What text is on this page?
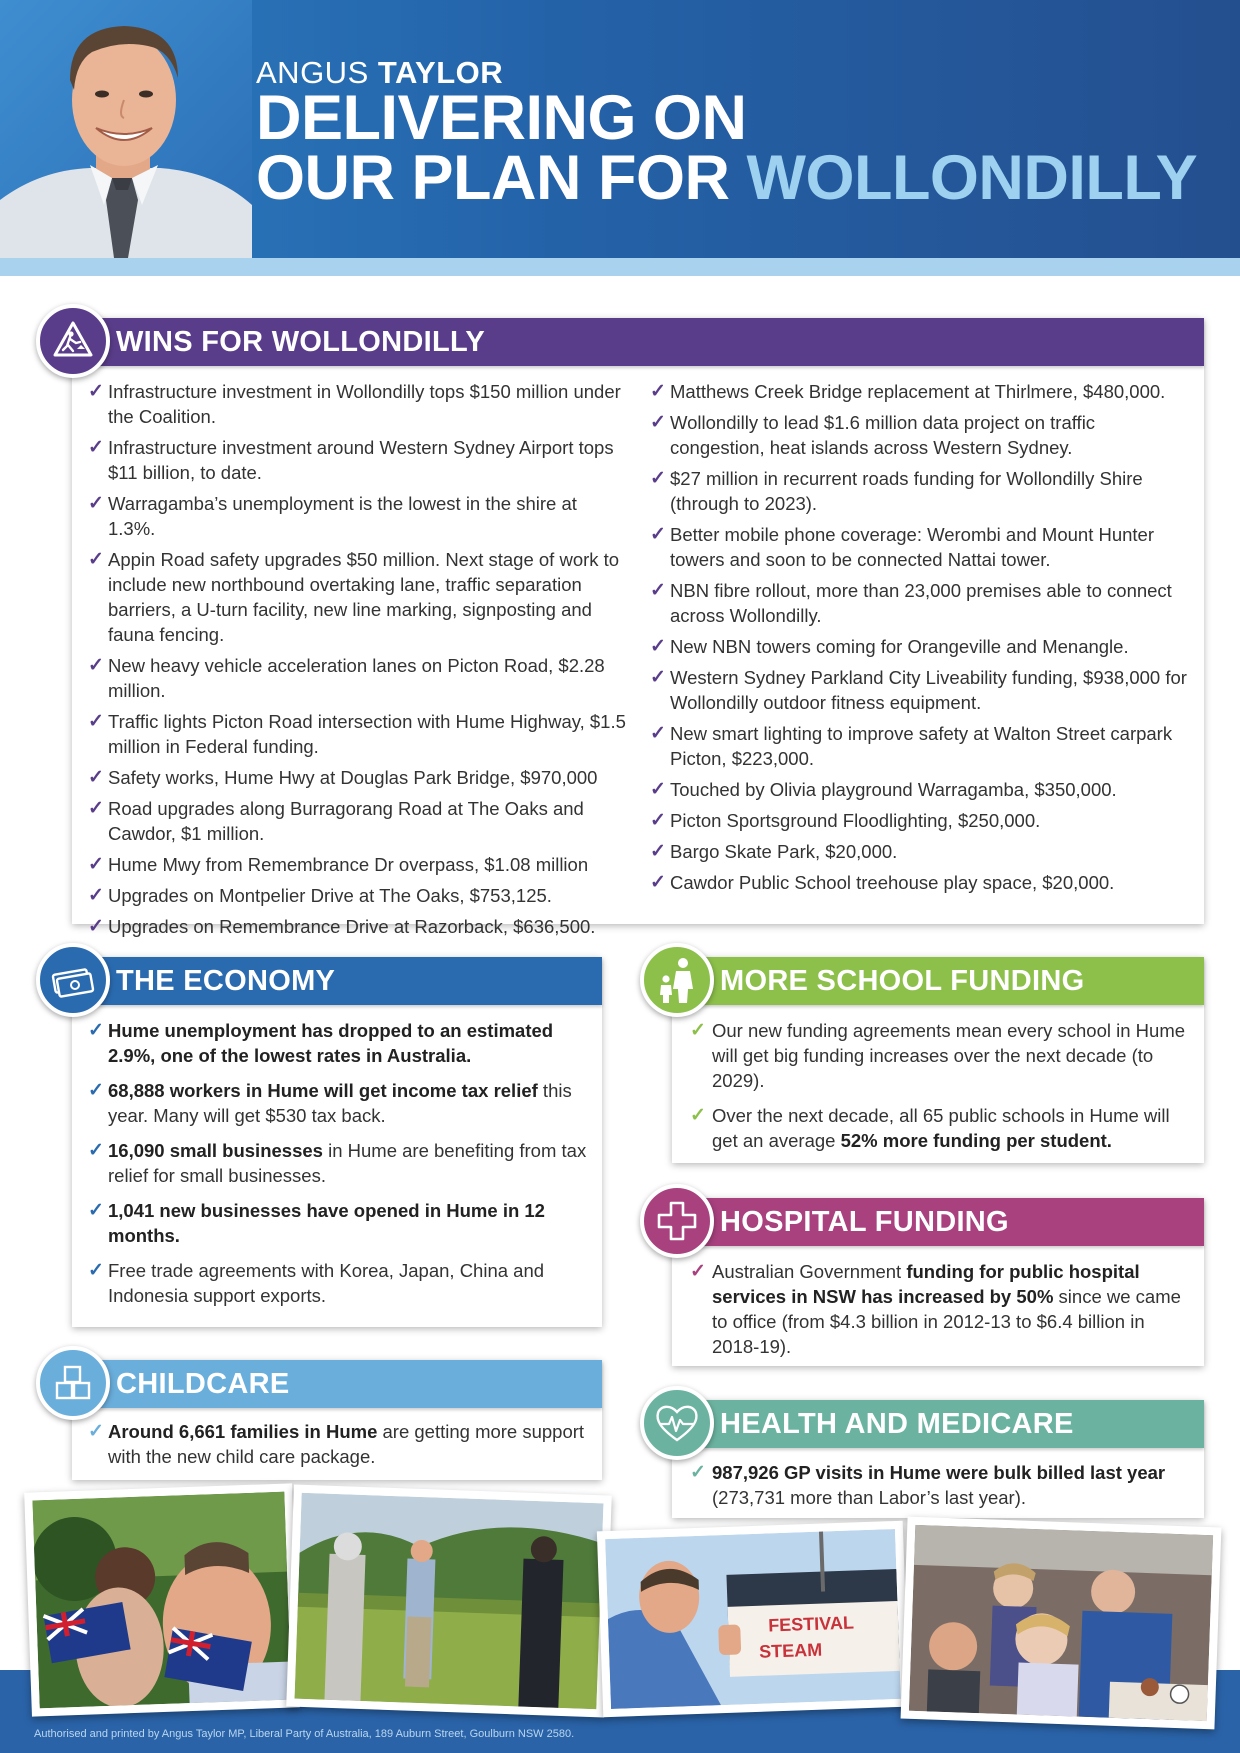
ANGUS TAYLOR
DELIVERING ON
OUR PLAN FOR WOLLONDILLY
WINS FOR WOLLONDILLY
✓ Infrastructure investment in Wollondilly tops $150 million under the Coalition.
✓ Infrastructure investment around Western Sydney Airport tops $11 billion, to date.
✓ Warragamba’s unemployment is the lowest in the shire at 1.3%.
✓ Appin Road safety upgrades $50 million. Next stage of work to include new northbound overtaking lane, traffic separation barriers, a U-turn facility, new line marking, signposting and fauna fencing.
✓ New heavy vehicle acceleration lanes on Picton Road, $2.28 million.
✓ Traffic lights Picton Road intersection with Hume Highway, $1.5 million in Federal funding.
✓ Safety works, Hume Hwy at Douglas Park Bridge, $970,000
✓ Road upgrades along Burragorang Road at The Oaks and Cawdor, $1 million.
✓ Hume Mwy from Remembrance Dr overpass, $1.08 million
✓ Upgrades on Montpelier Drive at The Oaks, $753,125.
✓ Upgrades on Remembrance Drive at Razorback, $636,500.
✓ Matthews Creek Bridge replacement at Thirlmere, $480,000.
✓ Wollondilly to lead $1.6 million data project on traffic congestion, heat islands across Western Sydney.
✓ $27 million in recurrent roads funding for Wollondilly Shire (through to 2023).
✓ Better mobile phone coverage: Werombi and Mount Hunter towers and soon to be connected Nattai tower.
✓ NBN fibre rollout, more than 23,000 premises able to connect across Wollondilly.
✓ New NBN towers coming for Orangeville and Menangle.
✓ Western Sydney Parkland City Liveability funding, $938,000 for Wollondilly outdoor fitness equipment.
✓ New smart lighting to improve safety at Walton Street carpark Picton, $223,000.
✓ Touched by Olivia playground Warragamba, $350,000.
✓ Picton Sportsground Floodlighting, $250,000.
✓ Bargo Skate Park, $20,000.
✓ Cawdor Public School treehouse play space, $20,000.
THE ECONOMY
✓ Hume unemployment has dropped to an estimated 2.9%, one of the lowest rates in Australia.
✓ 68,888 workers in Hume will get income tax relief this year. Many will get $530 tax back.
✓ 16,090 small businesses in Hume are benefiting from tax relief for small businesses.
✓ 1,041 new businesses have opened in Hume in 12 months.
✓ Free trade agreements with Korea, Japan, China and Indonesia support exports.
CHILDCARE
✓ Around 6,661 families in Hume are getting more support with the new child care package.
MORE SCHOOL FUNDING
✓ Our new funding agreements mean every school in Hume will get big funding increases over the next decade (to 2029).
✓ Over the next decade, all 65 public schools in Hume will get an average 52% more funding per student.
HOSPITAL FUNDING
✓ Australian Government funding for public hospital services in NSW has increased by 50% since we came to office (from $4.3 billion in 2012-13 to $6.4 billion in 2018-19).
HEALTH AND MEDICARE
✓ 987,926 GP visits in Hume were bulk billed last year (273,731 more than Labor’s last year).
FESTIVAL
STEAM
Authorised and printed by Angus Taylor MP, Liberal Party of Australia, 189 Auburn Street, Goulburn NSW 2580.
